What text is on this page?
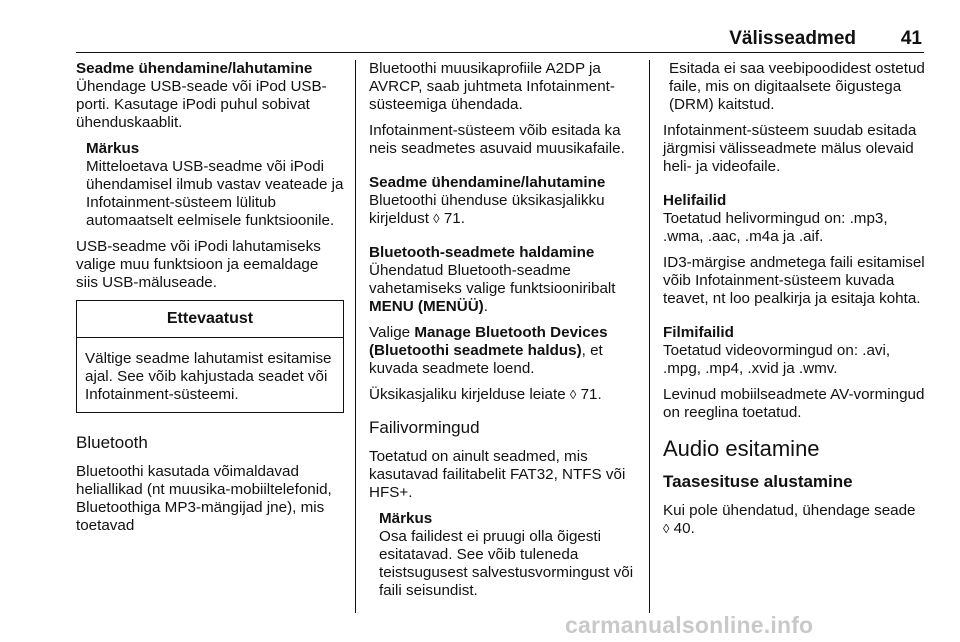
Välisseadmed	41

Seadme ühendamine/lahutamine

Ühendage USB-seade või iPod USB-porti. Kasutage iPodi puhul sobivat ühenduskaablit.

Märkus
Mitteloetava USB-seadme või iPodi ühendamisel ilmub vastav veateade ja Infotainment-süsteem lülitub automaatselt eelmisele funktsioonile.

USB-seadme või iPodi lahutamiseks valige muu funktsioon ja eemaldage siis USB-mäluseade.

Ettevaatust
Vältige seadme lahutamist esitamise ajal. See võib kahjustada seadet või Infotainment-süsteemi.
Bluetooth

Bluetoothi kasutada võimaldavad heliallikad (nt muusika-mobiiltelefonid, Bluetoothiga MP3-mängijad jne), mis toetavad

Bluetoothi muusikaprofiile A2DP ja AVRCP, saab juhtmeta Infotainment-süsteemiga ühendada.

Infotainment-süsteem võib esitada ka neis seadmetes asuvaid muusikafaile.

Seadme ühendamine/lahutamine

Bluetoothi ühenduse üksikasjalikku kirjeldust ◊ 71.

Bluetooth-seadmete haldamine

Ühendatud Bluetooth-seadme vahetamiseks valige funktsiooniribalt MENU (MENÜÜ).

Valige Manage Bluetooth Devices (Bluetoothi seadmete haldus), et kuvada seadmete loend.

Üksikasjaliku kirjelduse leiate ◊ 71.

Failivormingud

Toetatud on ainult seadmed, mis kasutavad failitabelit FAT32, NTFS või HFS+.

Märkus
Osa failidest ei pruugi olla õigesti esitatavad. See võib tuleneda teistsugusest salvestusvormingust või faili seisundist.

Esitada ei saa veebipoodidest ostetud faile, mis on digitaalsete õigustega (DRM) kaitstud.

Infotainment-süsteem suudab esitada järgmisi välisseadmete mälus olevaid heli- ja videofaile.

Helifailid

Toetatud helivormingud on: .mp3, .wma, .aac, .m4a ja .aif.

ID3-märgise andmetega faili esitamisel võib Infotainment-süsteem kuvada teavet, nt loo pealkirja ja esitaja kohta.

Filmifailid

Toetatud videovormingud on: .avi, .mpg, .mp4, .xvid ja .wmv.

Levinud mobiilseadmete AV-vormingud on reeglina toetatud.

Audio esitamine
Taasesituse alustamine

Kui pole ühendatud, ühendage seade ◊ 40.

carmanualsonline.info
